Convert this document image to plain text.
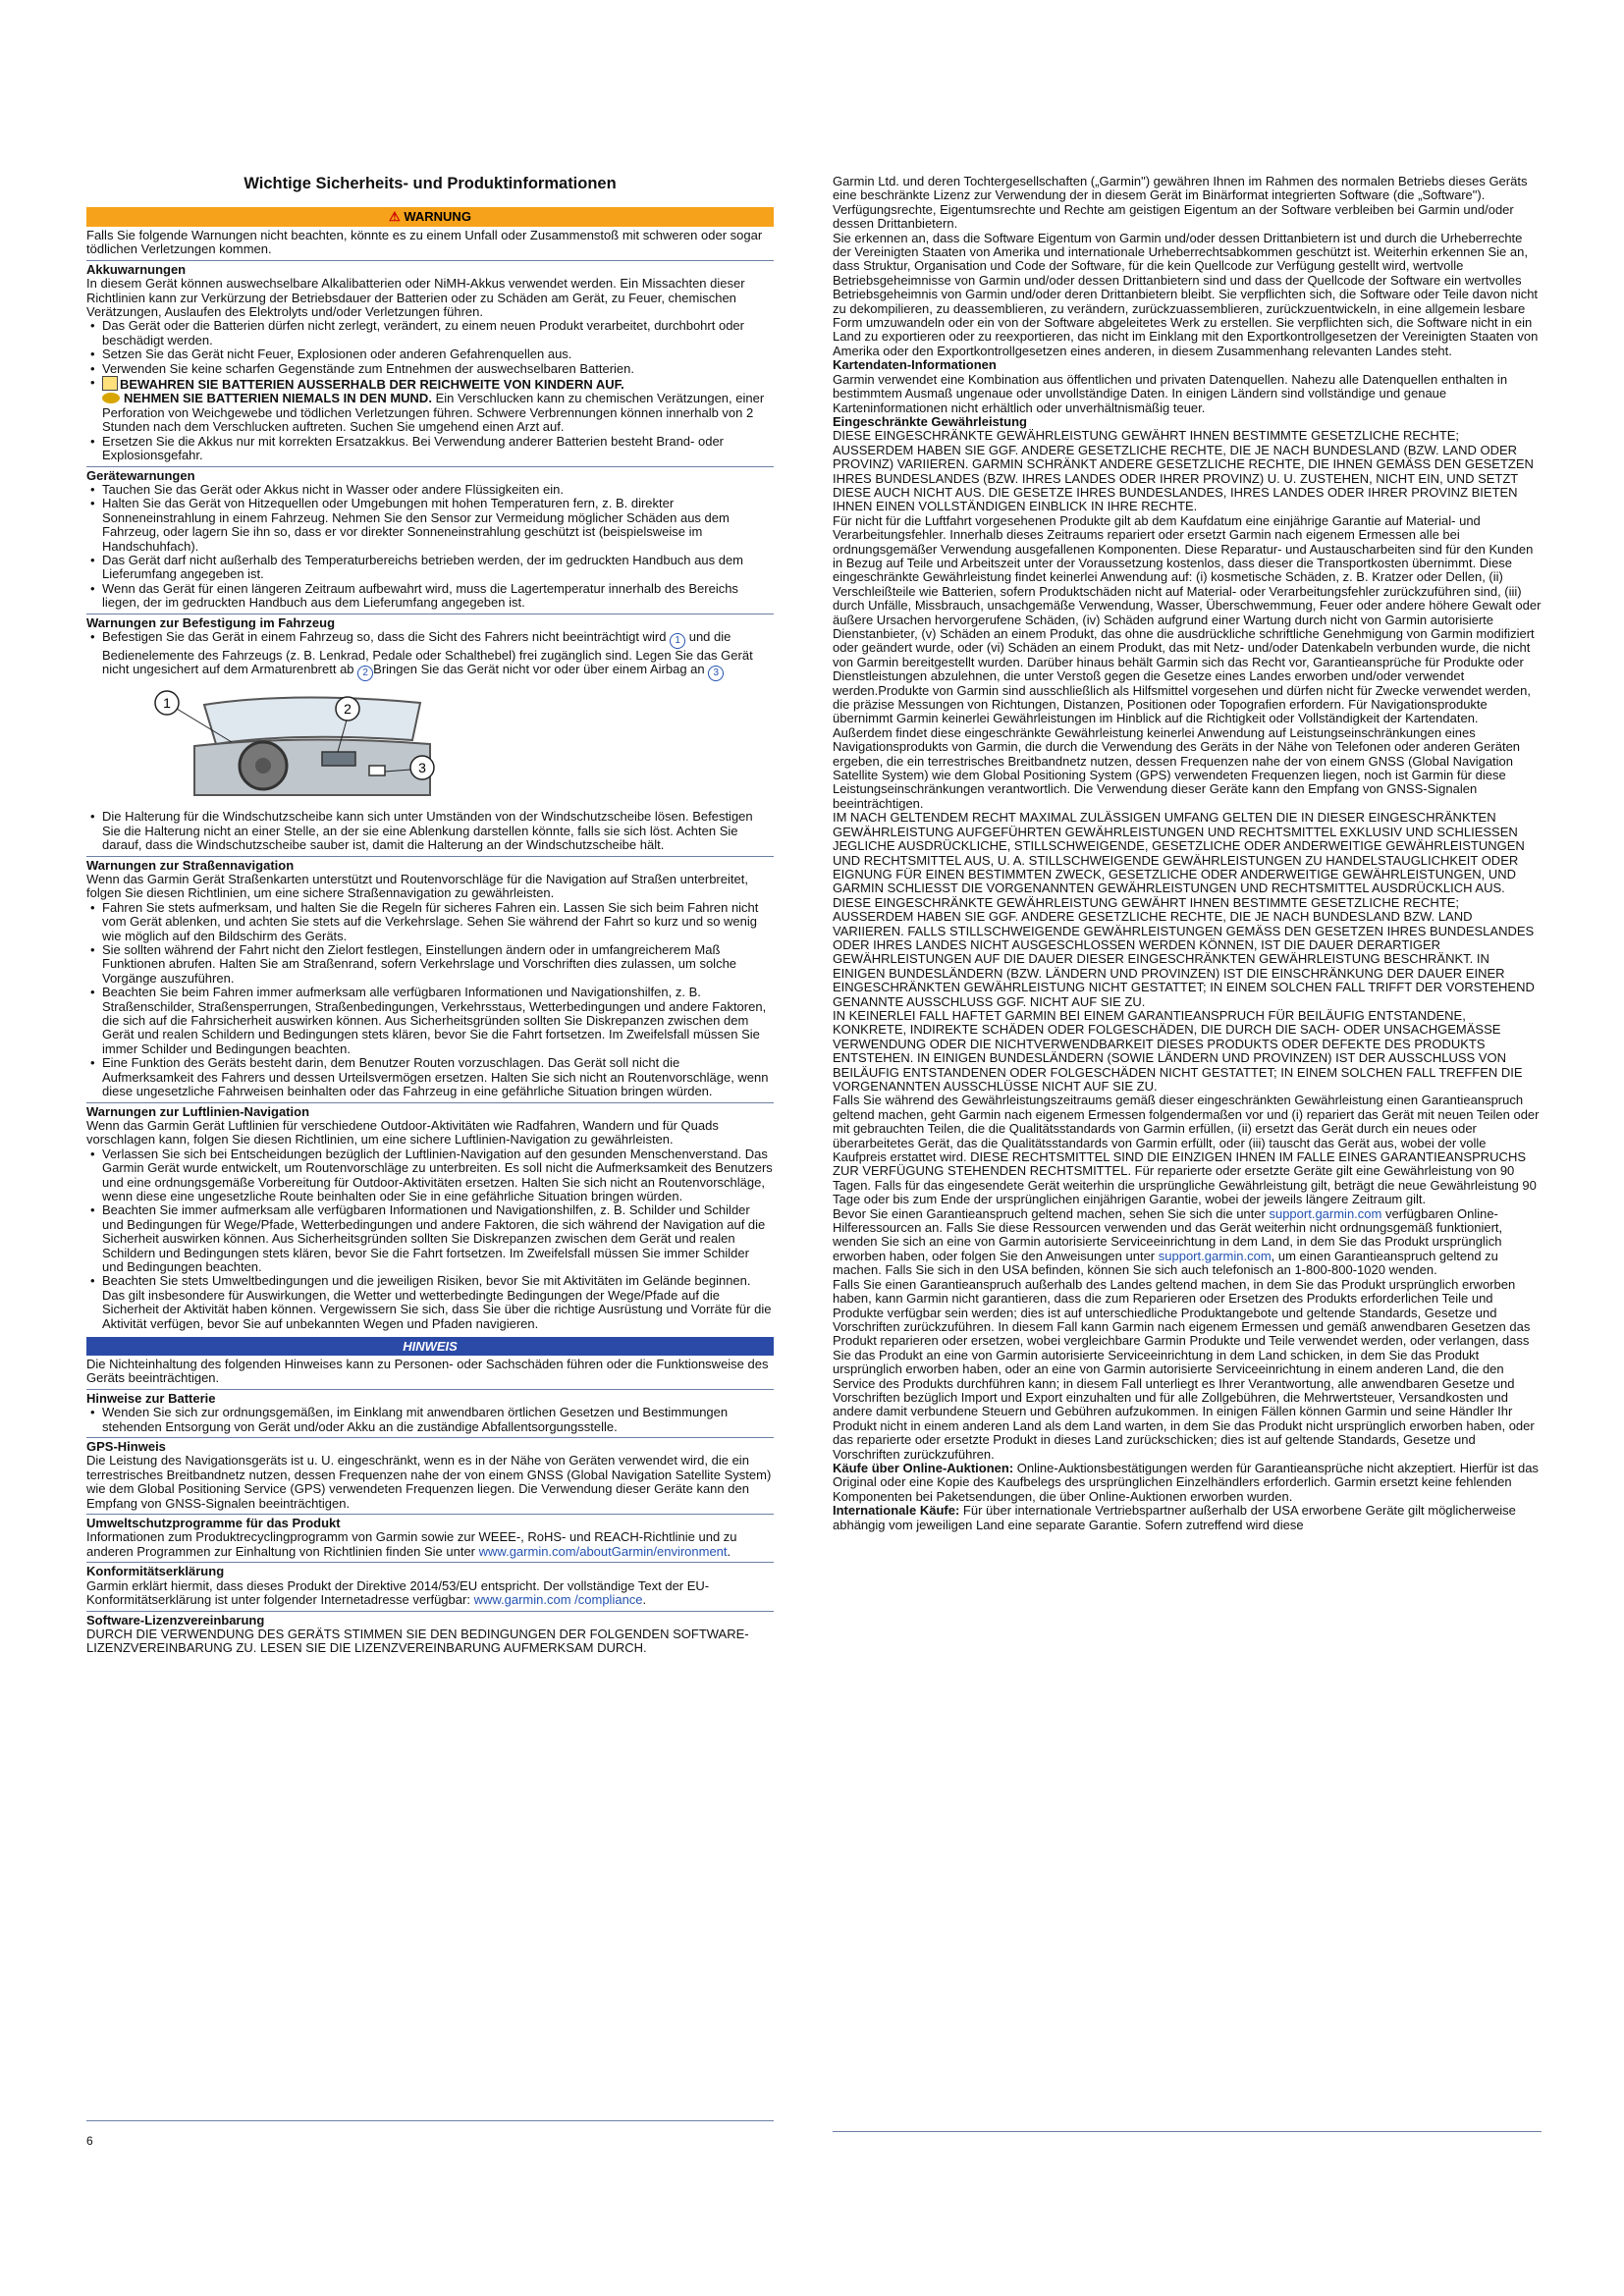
Wichtige Sicherheits- und Produktinformationen
⚠ WARNUNG

Falls Sie folgende Warnungen nicht beachten, könnte es zu einem Unfall oder Zusammenstoß mit schweren oder sogar tödlichen Verletzungen kommen.

Akkuwarnungen

In diesem Gerät können auswechselbare Alkalibatterien oder NiMH-Akkus verwendet werden. Ein Missachten dieser Richtlinien kann zur Verkürzung der Betriebsdauer der Batterien oder zu Schäden am Gerät, zu Feuer, chemischen Verätzungen, Auslaufen des Elektrolyts und/oder Verletzungen führen.

• Das Gerät oder die Batterien dürfen nicht zerlegt, verändert, zu einem neuen Produkt verarbeitet, durchbohrt oder beschädigt werden.

• Setzen Sie das Gerät nicht Feuer, Explosionen oder anderen Gefahrenquellen aus.

• Verwenden Sie keine scharfen Gegenstände zum Entnehmen der auswechselbaren Batterien.

• BEWAHREN SIE BATTERIEN AUSSERHALB DER REICHWEITE VON KINDERN AUF.

NEHMEN SIE BATTERIEN NIEMALS IN DEN MUND. Ein Verschlucken kann zu chemischen Verätzungen, einer Perforation von Weichgewebe und tödlichen Verletzungen führen. Schwere Verbrennungen können innerhalb von 2 Stunden nach dem Verschlucken auftreten. Suchen Sie umgehend einen Arzt auf.

• Ersetzen Sie die Akkus nur mit korrekten Ersatzakkus. Bei Verwendung anderer Batterien besteht Brand- oder Explosionsgefahr.

Gerätewarnungen

• Tauchen Sie das Gerät oder Akkus nicht in Wasser oder andere Flüssigkeiten ein.

• Halten Sie das Gerät von Hitzequellen oder Umgebungen mit hohen Temperaturen fern, z. B. direkter Sonneneinstrahlung in einem Fahrzeug. Nehmen Sie den Sensor zur Vermeidung möglicher Schäden aus dem Fahrzeug, oder lagern Sie ihn so, dass er vor direkter Sonneneinstrahlung geschützt ist (beispielsweise im Handschuhfach).

• Das Gerät darf nicht außerhalb des Temperaturbereichs betrieben werden, der im gedruckten Handbuch aus dem Lieferumfang angegeben ist.

• Wenn das Gerät für einen längeren Zeitraum aufbewahrt wird, muss die Lagertemperatur innerhalb des Bereichs liegen, der im gedruckten Handbuch aus dem Lieferumfang angegeben ist.

Warnungen zur Befestigung im Fahrzeug

• Befestigen Sie das Gerät in einem Fahrzeug so, dass die Sicht des Fahrers nicht beeinträchtigt wird 1 und die Bedienelemente des Fahrzeugs (z. B. Lenkrad, Pedale oder Schalthebel) frei zugänglich sind. Legen Sie das Gerät nicht ungesichert auf dem Armaturenbrett ab 2 Bringen Sie das Gerät nicht vor oder über einem Airbag an 3

1	2
3

• Die Halterung für die Windschutzscheibe kann sich unter Umständen von der Windschutzscheibe lösen. Befestigen Sie die Halterung nicht an einer Stelle, an der sie eine Ablenkung darstellen könnte, falls sie sich löst. Achten Sie darauf, dass die Windschutzscheibe sauber ist, damit die Halterung an der Windschutzscheibe hält.

Warnungen zur Straßennavigation

Wenn das Garmin Gerät Straßenkarten unterstützt und Routenvorschläge für die Navigation auf Straßen unterbreitet, folgen Sie diesen Richtlinien, um eine sichere Straßennavigation zu gewährleisten.

• Fahren Sie stets aufmerksam, und halten Sie die Regeln für sicheres Fahren ein. Lassen Sie sich beim Fahren nicht vom Gerät ablenken, und achten Sie stets auf die Verkehrslage. Sehen Sie während der Fahrt so kurz und so wenig wie möglich auf den Bildschirm des Geräts.

• Sie sollten während der Fahrt nicht den Zielort festlegen, Einstellungen ändern oder in umfangreicherem Maß Funktionen abrufen. Halten Sie am Straßenrand, sofern Verkehrslage und Vorschriften dies zulassen, um solche Vorgänge auszuführen.

• Beachten Sie beim Fahren immer aufmerksam alle verfügbaren Informationen und Navigationshilfen, z. B. Straßenschilder, Straßensperrungen, Straßenbedingungen, Verkehrsstaus, Wetterbedingungen und andere Faktoren, die sich auf die Fahrsicherheit auswirken können. Aus Sicherheitsgründen sollten Sie Diskrepanzen zwischen dem Gerät und realen Schildern und Bedingungen stets klären, bevor Sie die Fahrt fortsetzen. Im Zweifelsfall müssen Sie immer Schilder und Bedingungen beachten.

• Eine Funktion des Geräts besteht darin, dem Benutzer Routen vorzuschlagen. Das Gerät soll nicht die Aufmerksamkeit des Fahrers und dessen Urteilsvermögen ersetzen. Halten Sie sich nicht an Routenvorschläge, wenn diese ungesetzliche Fahrweisen beinhalten oder das Fahrzeug in eine gefährliche Situation bringen würden.

Warnungen zur Luftlinien-Navigation

Wenn das Garmin Gerät Luftlinien für verschiedene Outdoor-Aktivitäten wie Radfahren, Wandern und für Quads vorschlagen kann, folgen Sie diesen Richtlinien, um eine sichere Luftlinien-Navigation zu gewährleisten.

• Verlassen Sie sich bei Entscheidungen bezüglich der Luftlinien-Navigation auf den gesunden Menschenverstand. Das Garmin Gerät wurde entwickelt, um Routenvorschläge zu unterbreiten. Es soll nicht die Aufmerksamkeit des Benutzers und eine ordnungsgemäße Vorbereitung für Outdoor-Aktivitäten ersetzen. Halten Sie sich nicht an Routenvorschläge, wenn diese eine ungesetzliche Route beinhalten oder Sie in eine gefährliche Situation bringen würden.

• Beachten Sie immer aufmerksam alle verfügbaren Informationen und Navigationshilfen, z. B. Schilder und Schilder und Bedingungen für Wege/Pfade, Wetterbedingungen und andere Faktoren, die sich während der Navigation auf die Sicherheit auswirken können. Aus Sicherheitsgründen sollten Sie Diskrepanzen zwischen dem Gerät und realen Schildern und Bedingungen stets klären, bevor Sie die Fahrt fortsetzen. Im Zweifelsfall müssen Sie immer Schilder und Bedingungen beachten.

• Beachten Sie stets Umweltbedingungen und die jeweiligen Risiken, bevor Sie mit Aktivitäten im Gelände beginnen. Das gilt insbesondere für Auswirkungen, die Wetter und wetterbedingte Bedingungen der Wege/Pfade auf die Sicherheit der Aktivität haben können. Vergewissern Sie sich, dass Sie über die richtige Ausrüstung und Vorräte für die Aktivität verfügen, bevor Sie auf unbekannten Wegen und Pfaden navigieren.

HINWEIS

Die Nichteinhaltung des folgenden Hinweises kann zu Personen- oder Sachschäden führen oder die Funktionsweise des Geräts beeinträchtigen.

Hinweise zur Batterie

• Wenden Sie sich zur ordnungsgemäßen, im Einklang mit anwendbaren örtlichen Gesetzen und Bestimmungen stehenden Entsorgung von Gerät und/oder Akku an die zuständige Abfallentsorgungsstelle.

GPS-Hinweis

Die Leistung des Navigationsgeräts ist u. U. eingeschränkt, wenn es in der Nähe von Geräten verwendet wird, die ein terrestrisches Breitbandnetz nutzen, dessen Frequenzen nahe der von einem GNSS (Global Navigation Satellite System) wie dem Global Positioning Service (GPS) verwendeten Frequenzen liegen. Die Verwendung dieser Geräte kann den Empfang von GNSS-Signalen beeinträchtigen.

Umweltschutzprogramme für das Produkt

Informationen zum Produktrecyclingprogramm von Garmin sowie zur WEEE-, RoHS- und REACH-Richtlinie und zu anderen Programmen zur Einhaltung von Richtlinien finden Sie unter www.garmin.com/aboutGarmin/environment.

Konformitätserklärung

Garmin erklärt hiermit, dass dieses Produkt der Direktive 2014/53/EU entspricht. Der vollständige Text der EU-Konformitätserklärung ist unter folgender Internetadresse verfügbar: www.garmin.com /compliance.

Software-Lizenzvereinbarung

DURCH DIE VERWENDUNG DES GERÄTS STIMMEN SIE DEN BEDINGUNGEN DER FOLGENDEN SOFTWARE-LIZENZVEREINBARUNG ZU. LESEN SIE DIE LIZENZVEREINBARUNG AUFMERKSAM DURCH.

Garmin Ltd. und deren Tochtergesellschaften („Garmin") gewähren Ihnen im Rahmen des normalen Betriebs dieses Geräts eine beschränkte Lizenz zur Verwendung der in diesem Gerät im Binärformat integrierten Software (die „Software"). Verfügungsrechte, Eigentumsrechte und Rechte am geistigen Eigentum an der Software verbleiben bei Garmin und/oder dessen Drittanbietern.

Sie erkennen an, dass die Software Eigentum von Garmin und/oder dessen Drittanbietern ist und durch die Urheberrechte der Vereinigten Staaten von Amerika und internationale Urheberrechtsabkommen geschützt ist. Weiterhin erkennen Sie an, dass Struktur, Organisation und Code der Software, für die kein Quellcode zur Verfügung gestellt wird, wertvolle Betriebsgeheimnisse von Garmin und/oder dessen Drittanbietern sind und dass der Quellcode der Software ein wertvolles Betriebsgeheimnis von Garmin und/oder deren Drittanbietern bleibt. Sie verpflichten sich, die Software oder Teile davon nicht zu dekompilieren, zu deassemblieren, zu verändern, zurückzuassemblieren, zurückzuentwickeln, in eine allgemein lesbare Form umzuwandeln oder ein von der Software abgeleitetes Werk zu erstellen. Sie verpflichten sich, die Software nicht in ein Land zu exportieren oder zu reexportieren, das nicht im Einklang mit den Exportkontrollgesetzen der Vereinigten Staaten von Amerika oder den Exportkontrollgesetzen eines anderen, in diesem Zusammenhang relevanten Landes steht.

Kartendaten-Informationen

Garmin verwendet eine Kombination aus öffentlichen und privaten Datenquellen. Nahezu alle Datenquellen enthalten in bestimmtem Ausmaß ungenaue oder unvollständige Daten. In einigen Ländern sind vollständige und genaue Karteninformationen nicht erhältlich oder unverhältnismäßig teuer.

Eingeschränkte Gewährleistung

DIESE EINGESCHRÄNKTE GEWÄHRLEISTUNG GEWÄHRT IHNEN BESTIMMTE GESETZLICHE RECHTE; AUSSERDEM HABEN SIE GGF. ANDERE GESETZLICHE RECHTE, DIE JE NACH BUNDESLAND (BZW. LAND ODER PROVINZ) VARIIEREN. GARMIN SCHRÄNKT ANDERE GESETZLICHE RECHTE, DIE IHNEN GEMÄSS DEN GESETZEN IHRES BUNDESLANDES (BZW. IHRES LANDES ODER IHRER PROVINZ) U. U. ZUSTEHEN, NICHT EIN, UND SETZT DIESE AUCH NICHT AUS. DIE GESETZE IHRES BUNDESLANDES, IHRES LANDES ODER IHRER PROVINZ BIETEN IHNEN EINEN VOLLSTÄNDIGEN EINBLICK IN IHRE RECHTE.

Für nicht für die Luftfahrt vorgesehenen Produkte gilt ab dem Kaufdatum eine einjährige Garantie auf Material- und Verarbeitungsfehler. Innerhalb dieses Zeitraums repariert oder ersetzt Garmin nach eigenem Ermessen alle bei ordnungsgemäßer Verwendung ausgefallenen Komponenten. Diese Reparatur- und Austauscharbeiten sind für den Kunden in Bezug auf Teile und Arbeitszeit unter der Voraussetzung kostenlos, dass dieser die Transportkosten übernimmt. Diese eingeschränkte Gewährleistung findet keinerlei Anwendung auf: (i) kosmetische Schäden, z. B. Kratzer oder Dellen, (ii) Verschleißteile wie Batterien, sofern Produktschäden nicht auf Material- oder Verarbeitungsfehler zurückzuführen sind, (iii) durch Unfälle, Missbrauch, unsachgemäße Verwendung, Wasser, Überschwemmung, Feuer oder andere höhere Gewalt oder äußere Ursachen hervorgerufene Schäden, (iv) Schäden aufgrund einer Wartung durch nicht von Garmin autorisierte Dienstanbieter, (v) Schäden an einem Produkt, das ohne die ausdrückliche schriftliche Genehmigung von Garmin modifiziert oder geändert wurde, oder (vi) Schäden an einem Produkt, das mit Netz- und/oder Datenkabeln verbunden wurde, die nicht von Garmin bereitgestellt wurden. Darüber hinaus behält Garmin sich das Recht vor, Garantieansprüche für Produkte oder Dienstleistungen abzulehnen, die unter Verstoß gegen die Gesetze eines Landes erworben und/oder verwendet werden.Produkte von Garmin sind ausschließlich als Hilfsmittel vorgesehen und dürfen nicht für Zwecke verwendet werden, die präzise Messungen von Richtungen, Distanzen, Positionen oder Topografien erfordern. Für Navigationsprodukte übernimmt Garmin keinerlei Gewährleistungen im Hinblick auf die Richtigkeit oder Vollständigkeit der Kartendaten.

Außerdem findet diese eingeschränkte Gewährleistung keinerlei Anwendung auf Leistungseinschränkungen eines Navigationsprodukts von Garmin, die durch die Verwendung des Geräts in der Nähe von Telefonen oder anderen Geräten ergeben, die ein terrestrisches Breitbandnetz nutzen, dessen Frequenzen nahe der von einem GNSS (Global Navigation Satellite System) wie dem Global Positioning System (GPS) verwendeten Frequenzen liegen, noch ist Garmin für diese Leistungseinschränkungen verantwortlich. Die Verwendung dieser Geräte kann den Empfang von GNSS-Signalen beeinträchtigen.

IM NACH GELTENDEM RECHT MAXIMAL ZULÄSSIGEN UMFANG GELTEN DIE IN DIESER EINGESCHRÄNKTEN GEWÄHRLEISTUNG AUFGEFÜHRTEN GEWÄHRLEISTUNGEN UND RECHTSMITTEL EXKLUSIV UND SCHLIESSEN JEGLICHE AUSDRÜCKLICHE, STILLSCHWEIGENDE, GESETZLICHE ODER ANDERWEITIGE GEWÄHRLEISTUNGEN UND RECHTSMITTEL AUS, U. A. STILLSCHWEIGENDE GEWÄHRLEISTUNGEN ZU HANDELSTAUGLICHKEIT ODER EIGNUNG FÜR EINEN BESTIMMTEN ZWECK, GESETZLICHE ODER ANDERWEITIGE GEWÄHRLEISTUNGEN, UND GARMIN SCHLIESST DIE VORGENANNTEN GEWÄHRLEISTUNGEN UND RECHTSMITTEL AUSDRÜCKLICH AUS. DIESE EINGESCHRÄNKTE GEWÄHRLEISTUNG GEWÄHRT IHNEN BESTIMMTE GESETZLICHE RECHTE; AUSSERDEM HABEN SIE GGF. ANDERE GESETZLICHE RECHTE, DIE JE NACH BUNDESLAND BZW. LAND VARIIEREN. FALLS STILLSCHWEIGENDE GEWÄHRLEISTUNGEN GEMÄSS DEN GESETZEN IHRES BUNDESLANDES ODER IHRES LANDES NICHT AUSGESCHLOSSEN WERDEN KÖNNEN, IST DIE DAUER DERARTIGER GEWÄHRLEISTUNGEN AUF DIE DAUER DIESER EINGESCHRÄNKTEN GEWÄHRLEISTUNG BESCHRÄNKT. IN EINIGEN BUNDESLÄNDERN (BZW. LÄNDERN UND PROVINZEN) IST DIE EINSCHRÄNKUNG DER DAUER EINER EINGESCHRÄNKTEN GEWÄHRLEISTUNG NICHT GESTATTET; IN EINEM SOLCHEN FALL TRIFFT DER VORSTEHEND GENANNTE AUSSCHLUSS GGF. NICHT AUF SIE ZU.

IN KEINERLEI FALL HAFTET GARMIN BEI EINEM GARANTIEANSPRUCH FÜR BEILÄUFIG ENTSTANDENE, KONKRETE, INDIREKTE SCHÄDEN ODER FOLGESCHÄDEN, DIE DURCH DIE SACH- ODER UNSACHGEMÄSSE VERWENDUNG ODER DIE NICHTVERWENDBARKEIT DIESES PRODUKTS ODER DEFEKTE DES PRODUKTS ENTSTEHEN. IN EINIGEN BUNDESLÄNDERN (SOWIE LÄNDERN UND PROVINZEN) IST DER AUSSCHLUSS VON BEILÄUFIG ENTSTANDENEN ODER FOLGESCHÄDEN NICHT GESTATTET; IN EINEM SOLCHEN FALL TREFFEN DIE VORGENANNTEN AUSSCHLÜSSE NICHT AUF SIE ZU.

Falls Sie während des Gewährleistungszeitraums gemäß dieser eingeschränkten Gewährleistung einen Garantieanspruch geltend machen, geht Garmin nach eigenem Ermessen folgendermaßen vor und (i) repariert das Gerät mit neuen Teilen oder mit gebrauchten Teilen, die die Qualitätsstandards von Garmin erfüllen, (ii) ersetzt das Gerät durch ein neues oder überarbeitetes Gerät, das die Qualitätsstandards von Garmin erfüllt, oder (iii) tauscht das Gerät aus, wobei der volle Kaufpreis erstattet wird. DIESE RECHTSMITTEL SIND DIE EINZIGEN IHNEN IM FALLE EINES GARANTIEANSPRUCHS ZUR VERFÜGUNG STEHENDEN RECHTSMITTEL. Für reparierte oder ersetzte Geräte gilt eine Gewährleistung von 90 Tagen. Falls für das eingesendete Gerät weiterhin die ursprüngliche Gewährleistung gilt, beträgt die neue Gewährleistung 90 Tage oder bis zum Ende der ursprünglichen einjährigen Garantie, wobei der jeweils längere Zeitraum gilt.

Bevor Sie einen Garantieanspruch geltend machen, sehen Sie sich die unter support.garmin.com verfügbaren Online-Hilferessourcen an. Falls Sie diese Ressourcen verwenden und das Gerät weiterhin nicht ordnungsgemäß funktioniert, wenden Sie sich an eine von Garmin autorisierte Serviceeinrichtung in dem Land, in dem Sie das Produkt ursprünglich erworben haben, oder folgen Sie den Anweisungen unter support.garmin.com, um einen Garantieanspruch geltend zu machen. Falls Sie sich in den USA befinden, können Sie sich auch telefonisch an 1-800-800-1020 wenden.

Falls Sie einen Garantieanspruch außerhalb des Landes geltend machen, in dem Sie das Produkt ursprünglich erworben haben, kann Garmin nicht garantieren, dass die zum Reparieren oder Ersetzen des Produkts erforderlichen Teile und Produkte verfügbar sein werden; dies ist auf unterschiedliche Produktangebote und geltende Standards, Gesetze und Vorschriften zurückzuführen. In diesem Fall kann Garmin nach eigenem Ermessen und gemäß anwendbaren Gesetzen das Produkt reparieren oder ersetzen, wobei vergleichbare Garmin Produkte und Teile verwendet werden, oder verlangen, dass Sie das Produkt an eine von Garmin autorisierte Serviceeinrichtung in dem Land schicken, in dem Sie das Produkt ursprünglich erworben haben, oder an eine von Garmin autorisierte Serviceeinrichtung in einem anderen Land, die den Service des Produkts durchführen kann; in diesem Fall unterliegt es Ihrer Verantwortung, alle anwendbaren Gesetze und Vorschriften bezüglich Import und Export einzuhalten und für alle Zollgebühren, die Mehrwertsteuer, Versandkosten und andere damit verbundene Steuern und Gebühren aufzukommen. In einigen Fällen können Garmin und seine Händler Ihr Produkt nicht in einem anderen Land als dem Land warten, in dem Sie das Produkt nicht ursprünglich erworben haben, oder das reparierte oder ersetzte Produkt in dieses Land zurückschicken; dies ist auf geltende Standards, Gesetze und Vorschriften zurückzuführen.

Käufe über Online-Auktionen: Online-Auktionsbestätigungen werden für Garantieansprüche nicht akzeptiert. Hierfür ist das Original oder eine Kopie des Kaufbelegs des ursprünglichen Einzelhändlers erforderlich. Garmin ersetzt keine fehlenden Komponenten bei Paketsendungen, die über Online-Auktionen erworben wurden.

Internationale Käufe: Für über internationale Vertriebspartner außerhalb der USA erworbene Geräte gilt möglicherweise abhängig vom jeweiligen Land eine separate Garantie. Sofern zutreffend wird diese

6
